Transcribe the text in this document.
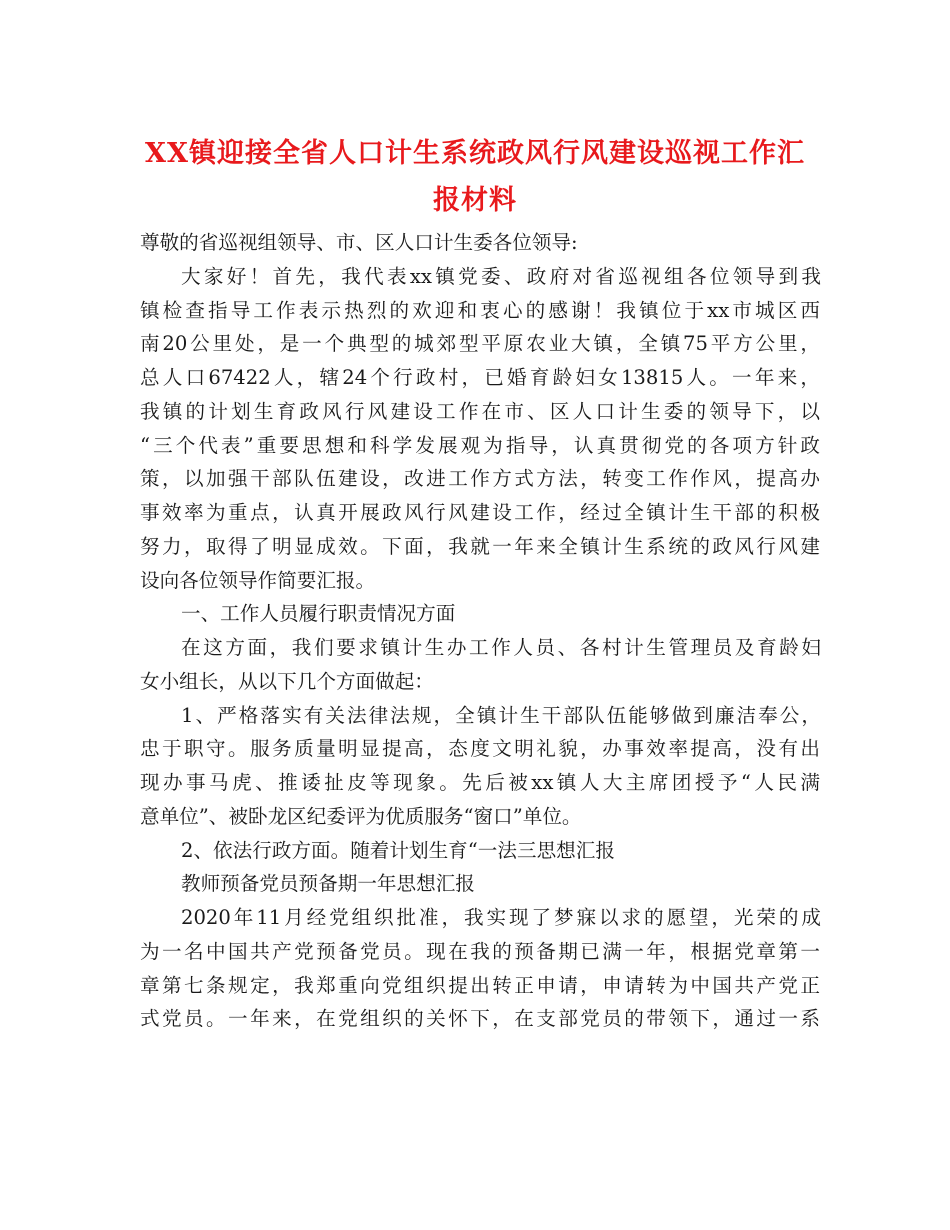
XX镇迎接全省人口计生系统政风行风建设巡视工作汇
报材料
尊敬的省巡视组领导、市、区人口计生委各位领导:
大家好！首先，我代表xx镇党委、政府对省巡视组各位领导到我
镇检查指导工作表示热烈的欢迎和衷心的感谢！我镇位于xx市城区西
南20公里处，是一个典型的城郊型平原农业大镇，全镇75平方公里，
总人口67422人，辖24个行政村，已婚育龄妇女13815人。一年来，
我镇的计划生育政风行风建设工作在市、区人口计生委的领导下，以
“三个代表”重要思想和科学发展观为指导，认真贯彻党的各项方针政
策，以加强干部队伍建设，改进工作方式方法，转变工作作风，提高办
事效率为重点，认真开展政风行风建设工作，经过全镇计生干部的积极
努力，取得了明显成效。下面，我就一年来全镇计生系统的政风行风建
设向各位领导作简要汇报。
一、工作人员履行职责情况方面
在这方面，我们要求镇计生办工作人员、各村计生管理员及育龄妇
女小组长，从以下几个方面做起：
1、严格落实有关法律法规，全镇计生干部队伍能够做到廉洁奉公，
忠于职守。服务质量明显提高，态度文明礼貌，办事效率提高，没有出
现办事马虎、推诿扯皮等现象。先后被xx镇人大主席团授予“人民满
意单位”、被卧龙区纪委评为优质服务“窗口”单位。
2、依法行政方面。随着计划生育“一法三思想汇报
教师预备党员预备期一年思想汇报
2020年11月经党组织批准，我实现了梦寐以求的愿望，光荣的成
为一名中国共产党预备党员。现在我的预备期已满一年，根据党章第一
章第七条规定，我郑重向党组织提出转正申请，申请转为中国共产党正
式党员。一年来，在党组织的关怀下，在支部党员的带领下，通过一系
